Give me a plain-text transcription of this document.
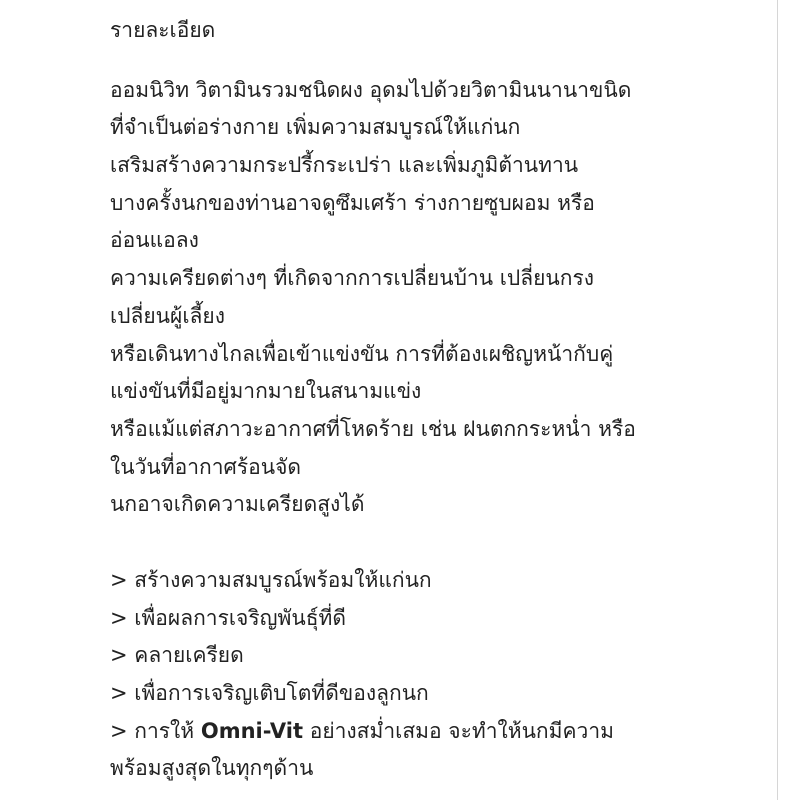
รายละเอียด
ออมนิวิท วิตามินรวมชนิดผง อุดมไปด้วยวิตามินนานาขนิด
ที่จำเป็นต่อร่างกาย เพิ่มความสมบูรณ์ให้แก่นก
เสริมสร้างความกระปรี้กระเปร่า และเพิ่มภูมิต้านทาน
บางครั้งนกของท่านอาจดูซึมเศร้า ร่างกายซูบผอม หรือ
อ่อนแอลง
ความเครียดต่างๆ ที่เกิดจากการเปลี่ยนบ้าน เปลี่ยนกรง
เปลี่ยนผู้เลี้ยง
หรือเดินทางไกลเพื่อเข้าแข่งขัน การที่ต้องเผชิญหน้ากับคู่
แข่งขันที่มีอยู่มากมายในสนามแข่ง
หรือแม้แต่สภาวะอากาศที่โหดร้าย เช่น ฝนตกกระหน่ำ หรือ
ในวันที่อากาศร้อนจัด
นกอาจเกิดความเครียดสูงได้
> สร้างความสมบูรณ์พร้อมให้แก่นก
> เพื่อผลการเจริญพันธุ์ที่ดี
> คลายเครียด
> เพื่อการเจริญเติบโตที่ดีของลูกนก
> การให้ Omni-Vit อย่างสม่ำเสมอ จะทำให้นกมีความ
พร้อมสูงสุดในทุกๆด้าน
